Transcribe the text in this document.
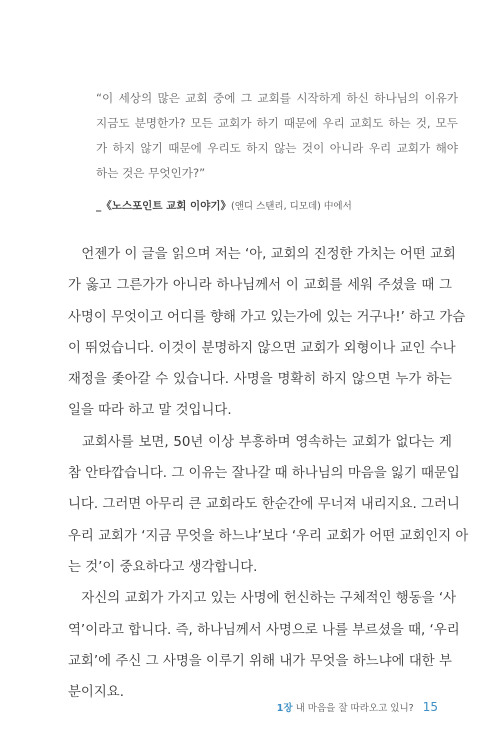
“이 세상의 많은 교회 중에 그 교회를 시작하게 하신 하나님의 이유가
지금도 분명한가? 모든 교회가 하기 때문에 우리 교회도 하는 것, 모두
가 하지 않기 때문에 우리도 하지 않는 것이 아니라 우리 교회가 해야
하는 것은 무엇인가?”
_《노스포인트 교회 이야기》(앤디 스탠리, 디모데) 中에서
　언젠가 이 글을 읽으며 저는 ‘아, 교회의 진정한 가치는 어떤 교회
가 옳고 그른가가 아니라 하나님께서 이 교회를 세워 주셨을 때 그
사명이 무엇이고 어디를 향해 가고 있는가에 있는 거구나!’ 하고 가슴
이 뛰었습니다. 이것이 분명하지 않으면 교회가 외형이나 교인 수나
재정을 좇아갈 수 있습니다. 사명을 명확히 하지 않으면 누가 하는
일을 따라 하고 말 것입니다.
　교회사를 보면, 50년 이상 부흥하며 영속하는 교회가 없다는 게
참 안타깝습니다. 그 이유는 잘나갈 때 하나님의 마음을 잃기 때문입
니다. 그러면 아무리 큰 교회라도 한순간에 무너져 내리지요. 그러니
우리 교회가 ‘지금 무엇을 하느냐’보다 ‘우리 교회가 어떤 교회인지 아
는 것’이 중요하다고 생각합니다.
　자신의 교회가 가지고 있는 사명에 헌신하는 구체적인 행동을 ‘사
역’이라고 합니다. 즉, 하나님께서 사명으로 나를 부르셨을 때, ‘우리
교회’에 주신 그 사명을 이루기 위해 내가 무엇을 하느냐에 대한 부
분이지요.
1장 내 마음을 잘 따라오고 있니? 15
